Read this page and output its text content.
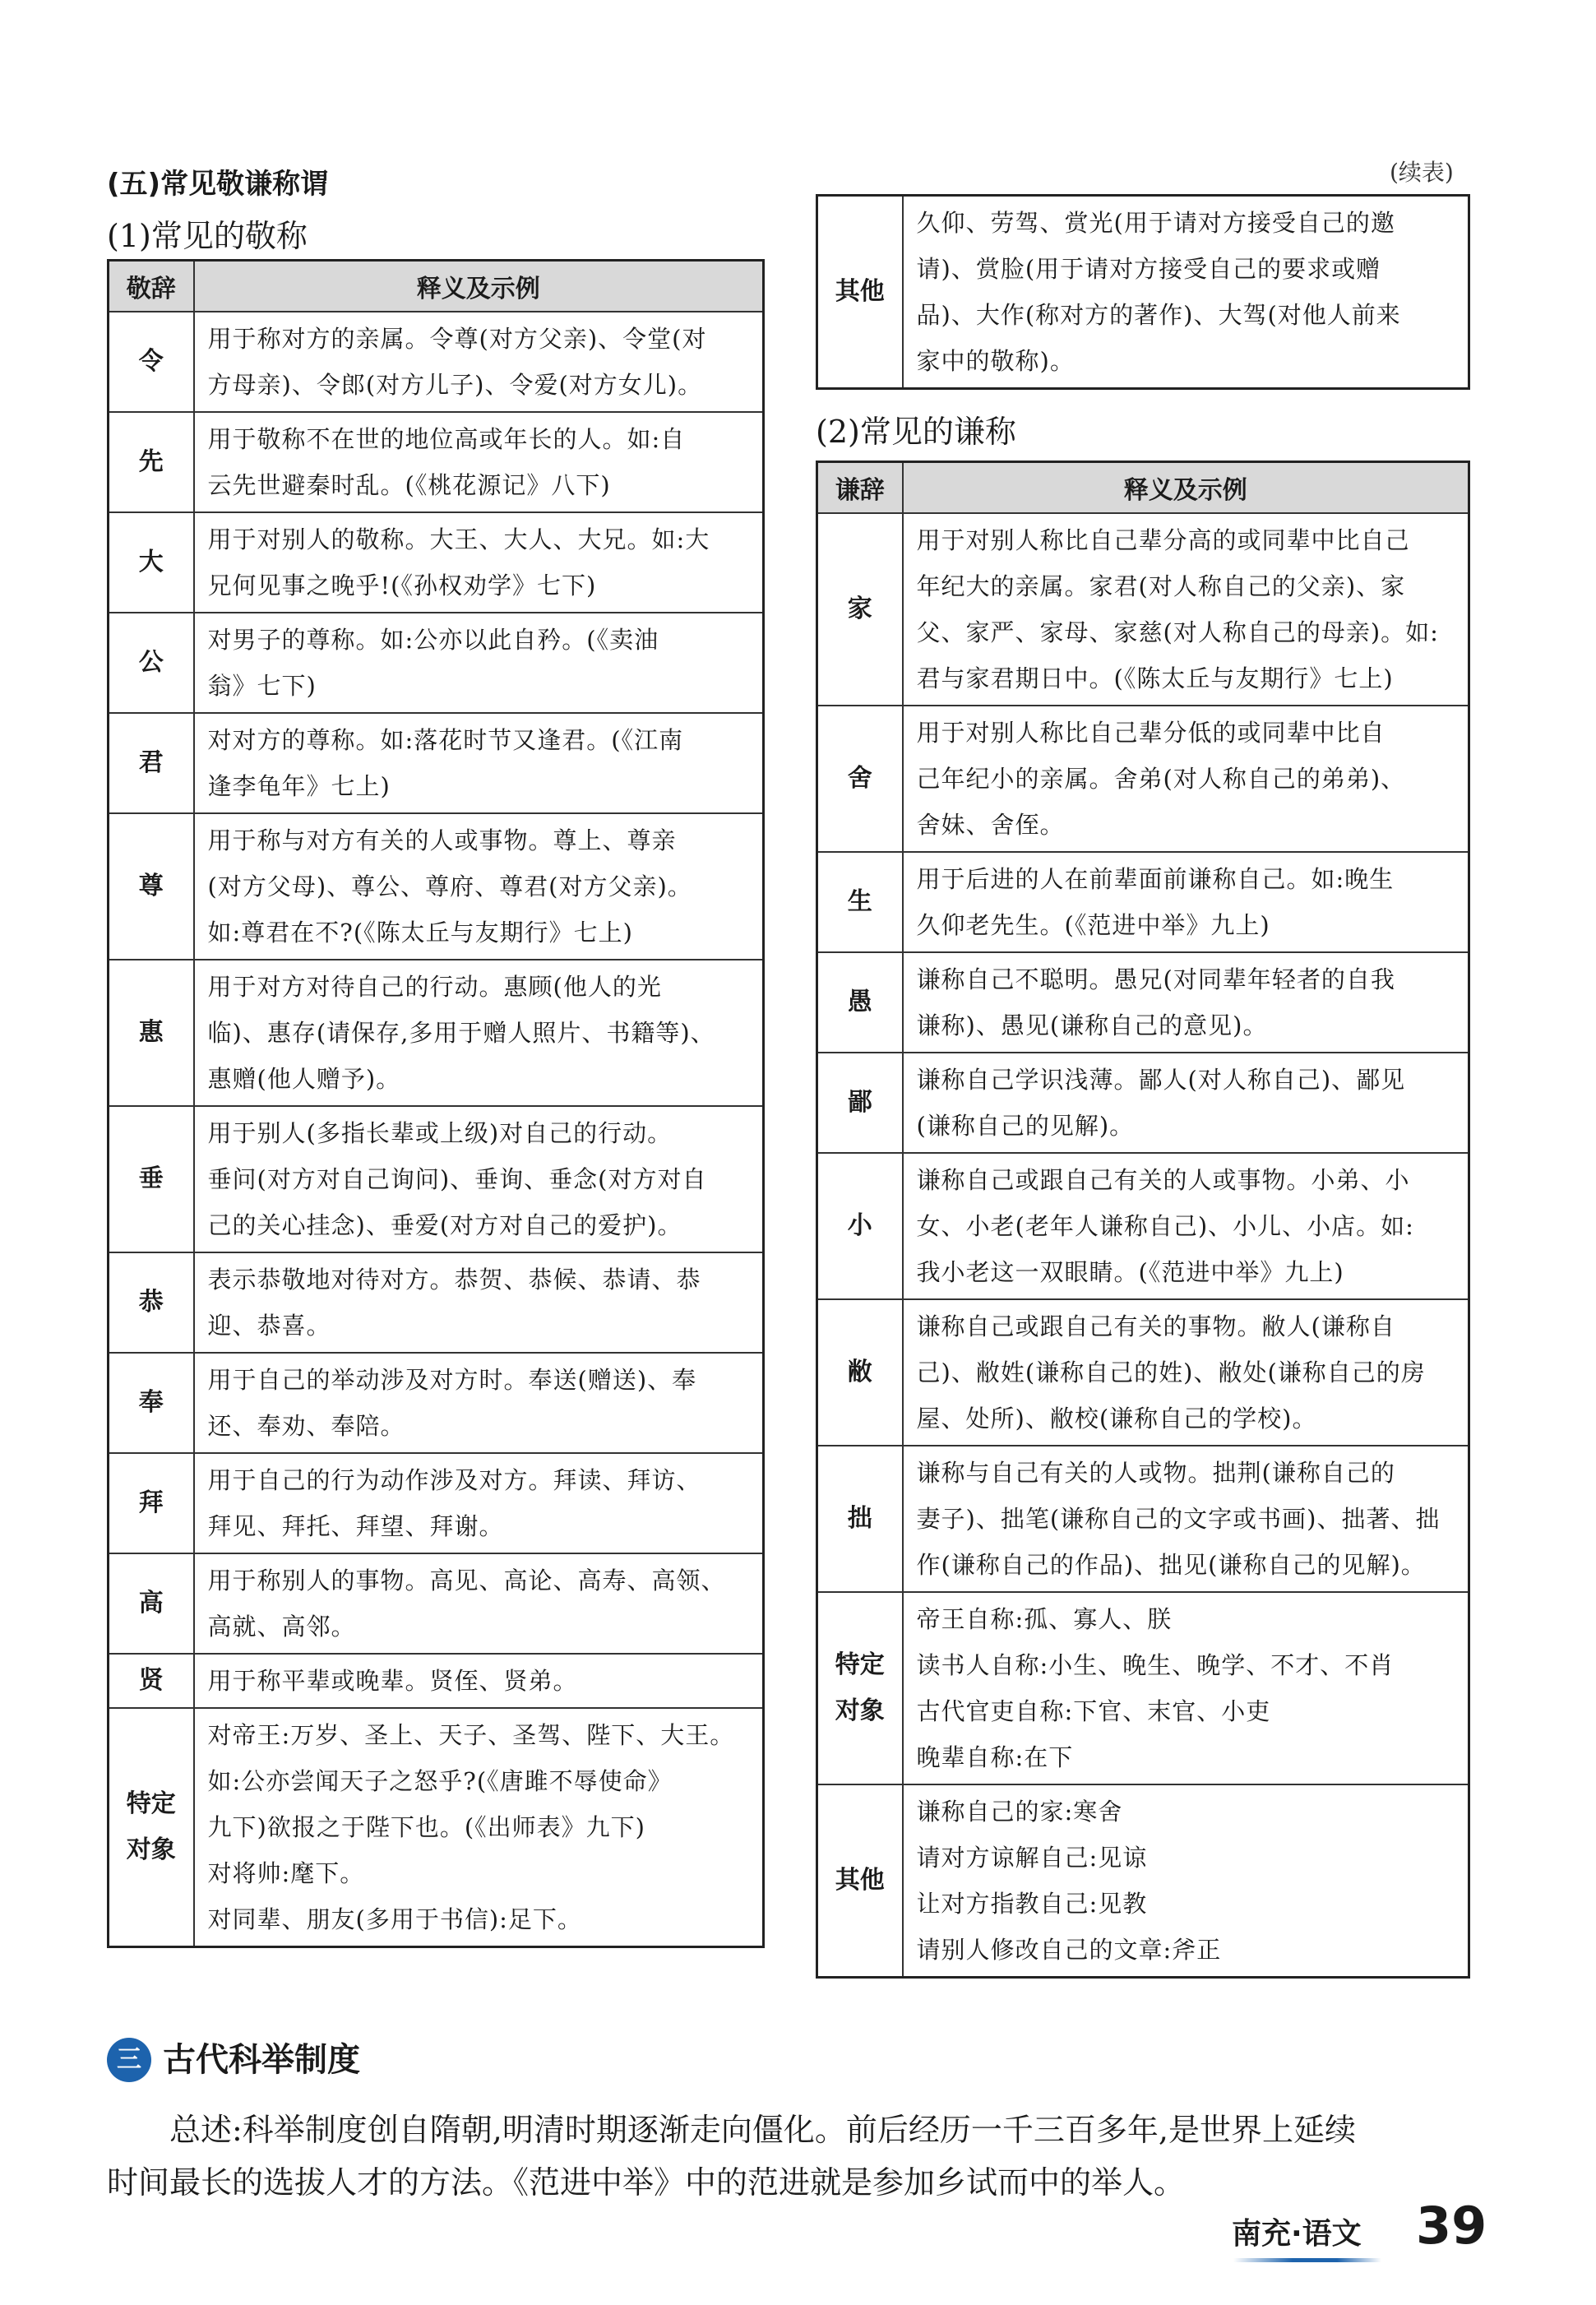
(五)常见敬谦称谓
(1)常见的敬称
敬辞	释义及示例
令	用于称对方的亲属。令尊(对方父亲)、令堂(对
方母亲)、令郎(对方儿子)、令爱(对方女儿)。

先	用于敬称不在世的地位高或年长的人。如:自
云先世避秦时乱。(《桃花源记》八下)

大	用于对别人的敬称。大王、大人、大兄。如:大
兄何见事之晚乎!(《孙权劝学》七下)

公	对男子的尊称。如:公亦以此自矜。(《卖油
翁》七下)

君	对对方的尊称。如:落花时节又逢君。(《江南
逢李龟年》七上)

尊	用于称与对方有关的人或事物。尊上、尊亲
(对方父母)、尊公、尊府、尊君(对方父亲)。
如:尊君在不?(《陈太丘与友期行》七上)

惠	用于对方对待自己的行动。惠顾(他人的光
临)、惠存(请保存,多用于赠人照片、书籍等)、
惠赠(他人赠予)。

垂	用于别人(多指长辈或上级)对自己的行动。
垂问(对方对自己询问)、垂询、垂念(对方对自
己的关心挂念)、垂爱(对方对自己的爱护)。

恭	表示恭敬地对待对方。恭贺、恭候、恭请、恭
迎、恭喜。

奉	用于自己的举动涉及对方时。奉送(赠送)、奉
还、奉劝、奉陪。

拜	用于自己的行为动作涉及对方。拜读、拜访、
拜见、拜托、拜望、拜谢。

高	用于称别人的事物。高见、高论、高寿、高领、
高就、高邻。

贤	用于称平辈或晚辈。贤侄、贤弟。

特定
对象	对帝王:万岁、圣上、天子、圣驾、陛下、大王。
如:公亦尝闻天子之怒乎?(《唐雎不辱使命》
九下)欲报之于陛下也。(《出师表》九下)
对将帅:麾下。
对同辈、朋友(多用于书信):足下。
(续表)
其他	
久仰、劳驾、赏光(用于请对方接受自己的邀
请)、赏脸(用于请对方接受自己的要求或赠
品)、大作(称对方的著作)、大驾(对他人前来
家中的敬称)。
(2)常见的谦称
谦辞	释义及示例
家	用于对别人称比自己辈分高的或同辈中比自己
年纪大的亲属。家君(对人称自己的父亲)、家
父、家严、家母、家慈(对人称自己的母亲)。如:
君与家君期日中。(《陈太丘与友期行》七上)

舍	用于对别人称比自己辈分低的或同辈中比自
己年纪小的亲属。舍弟(对人称自己的弟弟)、
舍妹、舍侄。

生	用于后进的人在前辈面前谦称自己。如:晚生
久仰老先生。(《范进中举》九上)

愚	谦称自己不聪明。愚兄(对同辈年轻者的自我
谦称)、愚见(谦称自己的意见)。

鄙	谦称自己学识浅薄。鄙人(对人称自己)、鄙见
(谦称自己的见解)。

小	谦称自己或跟自己有关的人或事物。小弟、小
女、小老(老年人谦称自己)、小儿、小店。如:
我小老这一双眼睛。(《范进中举》九上)

敝	谦称自己或跟自己有关的事物。敝人(谦称自
己)、敝姓(谦称自己的姓)、敝处(谦称自己的房
屋、处所)、敝校(谦称自己的学校)。

拙	谦称与自己有关的人或物。拙荆(谦称自己的
妻子)、拙笔(谦称自己的文字或书画)、拙著、拙
作(谦称自己的作品)、拙见(谦称自己的见解)。

特定
对象	帝王自称:孤、寡人、朕
读书人自称:小生、晚生、晚学、不才、不肖
古代官吏自称:下官、末官、小吏
晚辈自称:在下

其他	谦称自己的家:寒舍
请对方谅解自己:见谅
让对方指教自己:见教
请别人修改自己的文章:斧正
三 古代科举制度
总述:科举制度创自隋朝,明清时期逐渐走向僵化。前后经历一千三百多年,是世界上延续
时间最长的选拔人才的方法。《范进中举》中的范进就是参加乡试而中的举人。
南充·语文 39
